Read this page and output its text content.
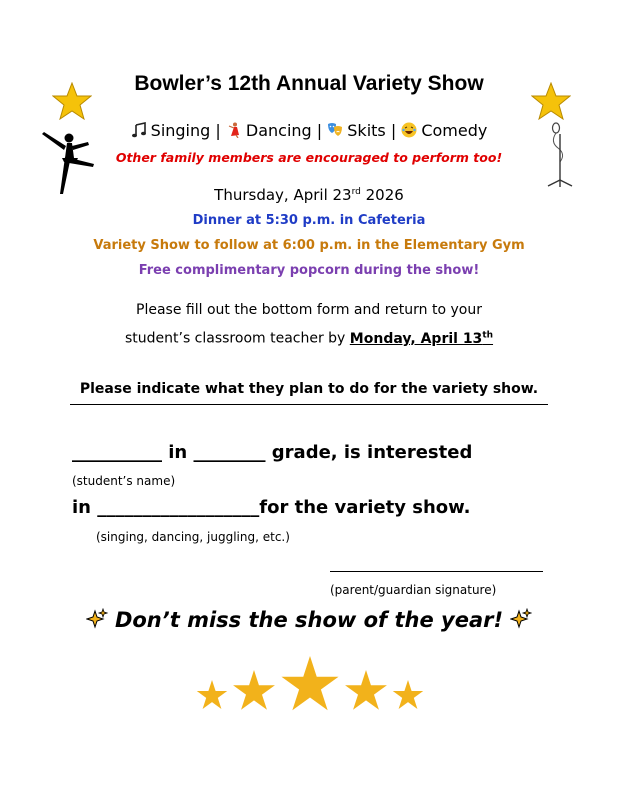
Bowler’s 12th Annual Variety Show
Singing | Dancing | Skits | Comedy
Other family members are encouraged to perform too!
Thursday, April 23rd 2026
Dinner at 5:30 p.m. in Cafeteria
Variety Show to follow at 6:00 p.m. in the Elementary Gym
Free complimentary popcorn during the show!
Please fill out the bottom form and return to your
student’s classroom teacher by Monday, April 13th
Please indicate what they plan to do for the variety show.
__________ in ________ grade, is interested
(student’s name)
in __________________for the variety show.
(singing, dancing, juggling, etc.)
(parent/guardian signature)
Don’t miss the show of the year!
